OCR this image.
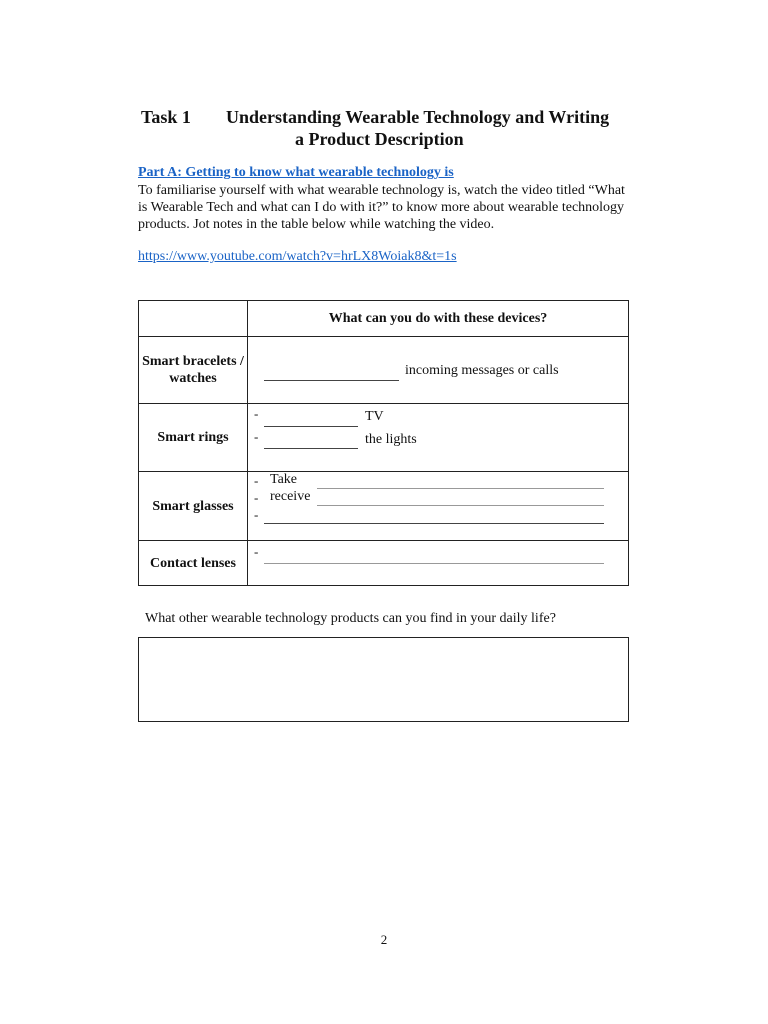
Task 1 Understanding Wearable Technology and Writing
a Product Description
Part A: Getting to know what wearable technology is
To familiarise yourself with what wearable technology is, watch the video titled “What
is Wearable Tech and what can I do with it?” to know more about wearable technology
products. Jot notes in the table below while watching the video.
https://www.youtube.com/watch?v=hrLX8Woiak8&t=1s
What can you do with these devices?
Smart bracelets / watches
incoming messages or calls
Smart rings
-	TV
-	the lights
Smart glasses
- Take
- receive
-
Contact lenses
-
What other wearable technology products can you find in your daily life?
2
